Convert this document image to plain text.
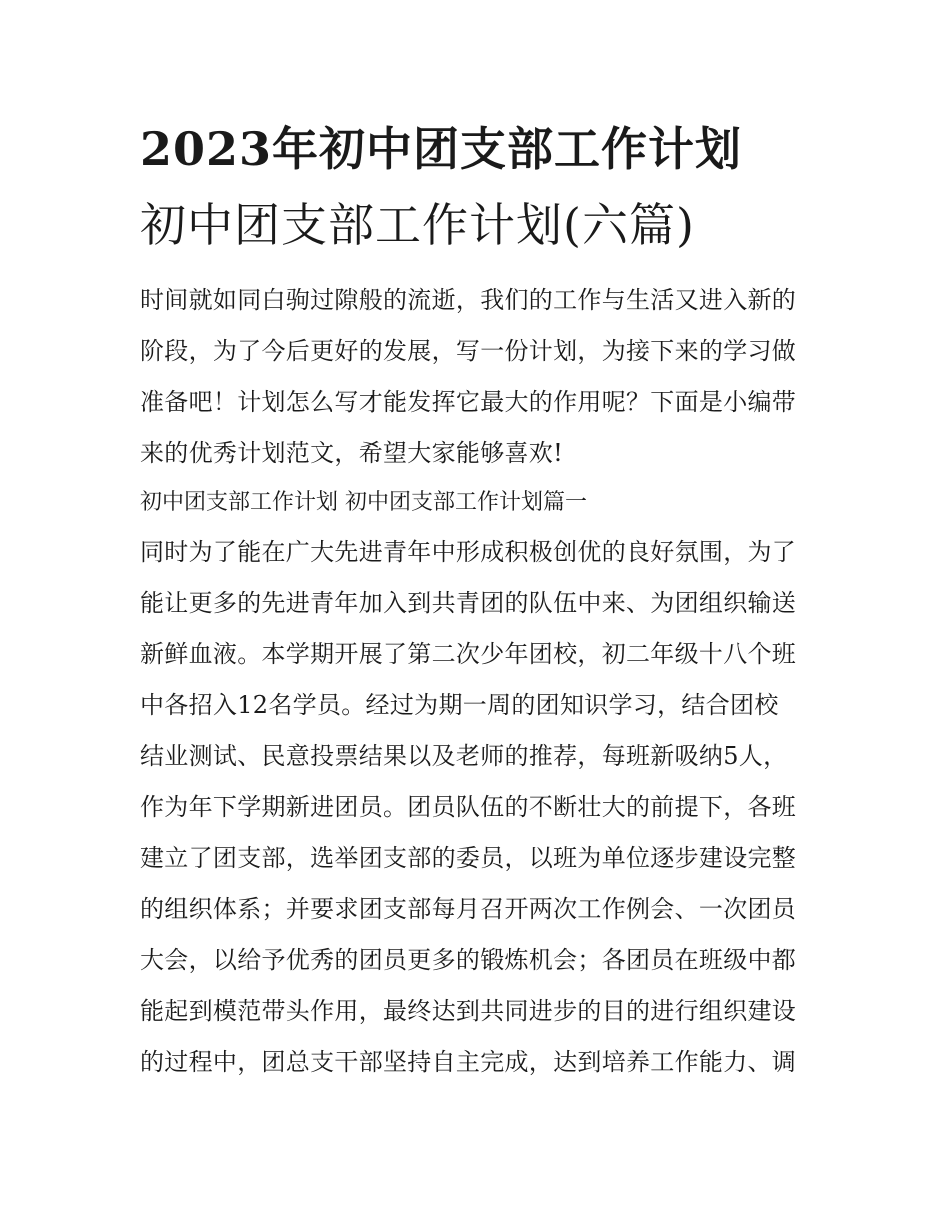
2023年初中团支部工作计划
初中团支部工作计划(六篇)
时间就如同白驹过隙般的流逝，我们的工作与生活又进入新的
阶段，为了今后更好的发展，写一份计划，为接下来的学习做
准备吧！计划怎么写才能发挥它最大的作用呢？下面是小编带
来的优秀计划范文，希望大家能够喜欢!
初中团支部工作计划 初中团支部工作计划篇一
同时为了能在广大先进青年中形成积极创优的良好氛围，为了
能让更多的先进青年加入到共青团的队伍中来、为团组织输送
新鲜血液。本学期开展了第二次少年团校，初二年级十八个班
中各招入12名学员。经过为期一周的团知识学习，结合团校
结业测试、民意投票结果以及老师的推荐，每班新吸纳5人，
作为年下学期新进团员。团员队伍的不断壮大的前提下，各班
建立了团支部，选举团支部的委员，以班为单位逐步建设完整
的组织体系；并要求团支部每月召开两次工作例会、一次团员
大会，以给予优秀的团员更多的锻炼机会；各团员在班级中都
能起到模范带头作用，最终达到共同进步的目的进行组织建设
的过程中，团总支干部坚持自主完成，达到培养工作能力、调
